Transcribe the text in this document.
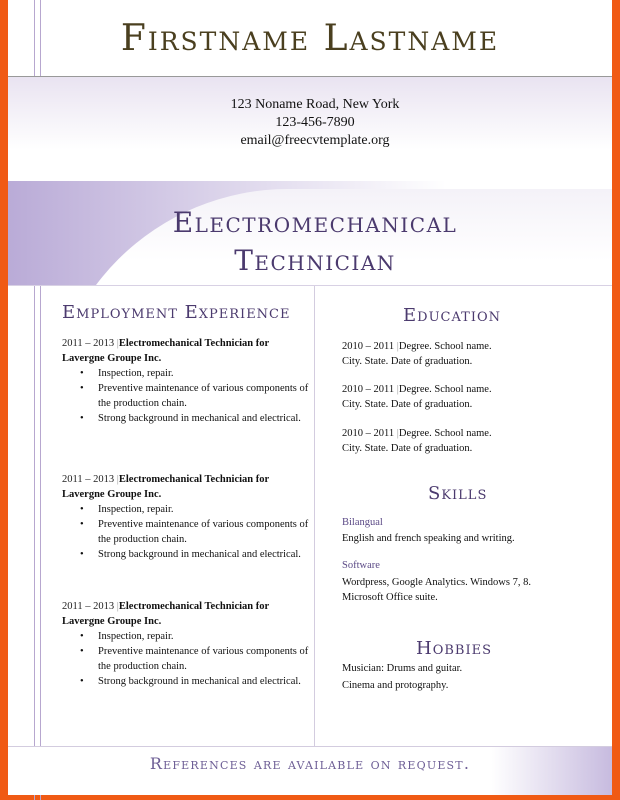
Firstname Lastname
123 Noname Road, New York
123-456-7890
email@freecvtemplate.org
Electromechanical
Technician
Employment Experience
2011 – 2013 |Electromechanical Technician for Lavergne Groupe Inc.
• Inspection, repair.
• Preventive maintenance of various components of the production chain.
• Strong background in mechanical and electrical.
2011 – 2013 |Electromechanical Technician for Lavergne Groupe Inc.
• Inspection, repair.
• Preventive maintenance of various components of the production chain.
• Strong background in mechanical and electrical.
2011 – 2013 |Electromechanical Technician for Lavergne Groupe Inc.
• Inspection, repair.
• Preventive maintenance of various components of the production chain.
• Strong background in mechanical and electrical.
Education
2010 – 2011 |Degree. School name.
City. State. Date of graduation.
2010 – 2011 |Degree. School name.
City. State. Date of graduation.
2010 – 2011 |Degree. School name.
City. State. Date of graduation.
Skills
Bilangual
English and french speaking and writing.
Software
Wordpress, Google Analytics. Windows 7, 8. Microsoft Office suite.
Hobbies
Musician: Drums and guitar.
Cinema and protography.
References are available on request.
